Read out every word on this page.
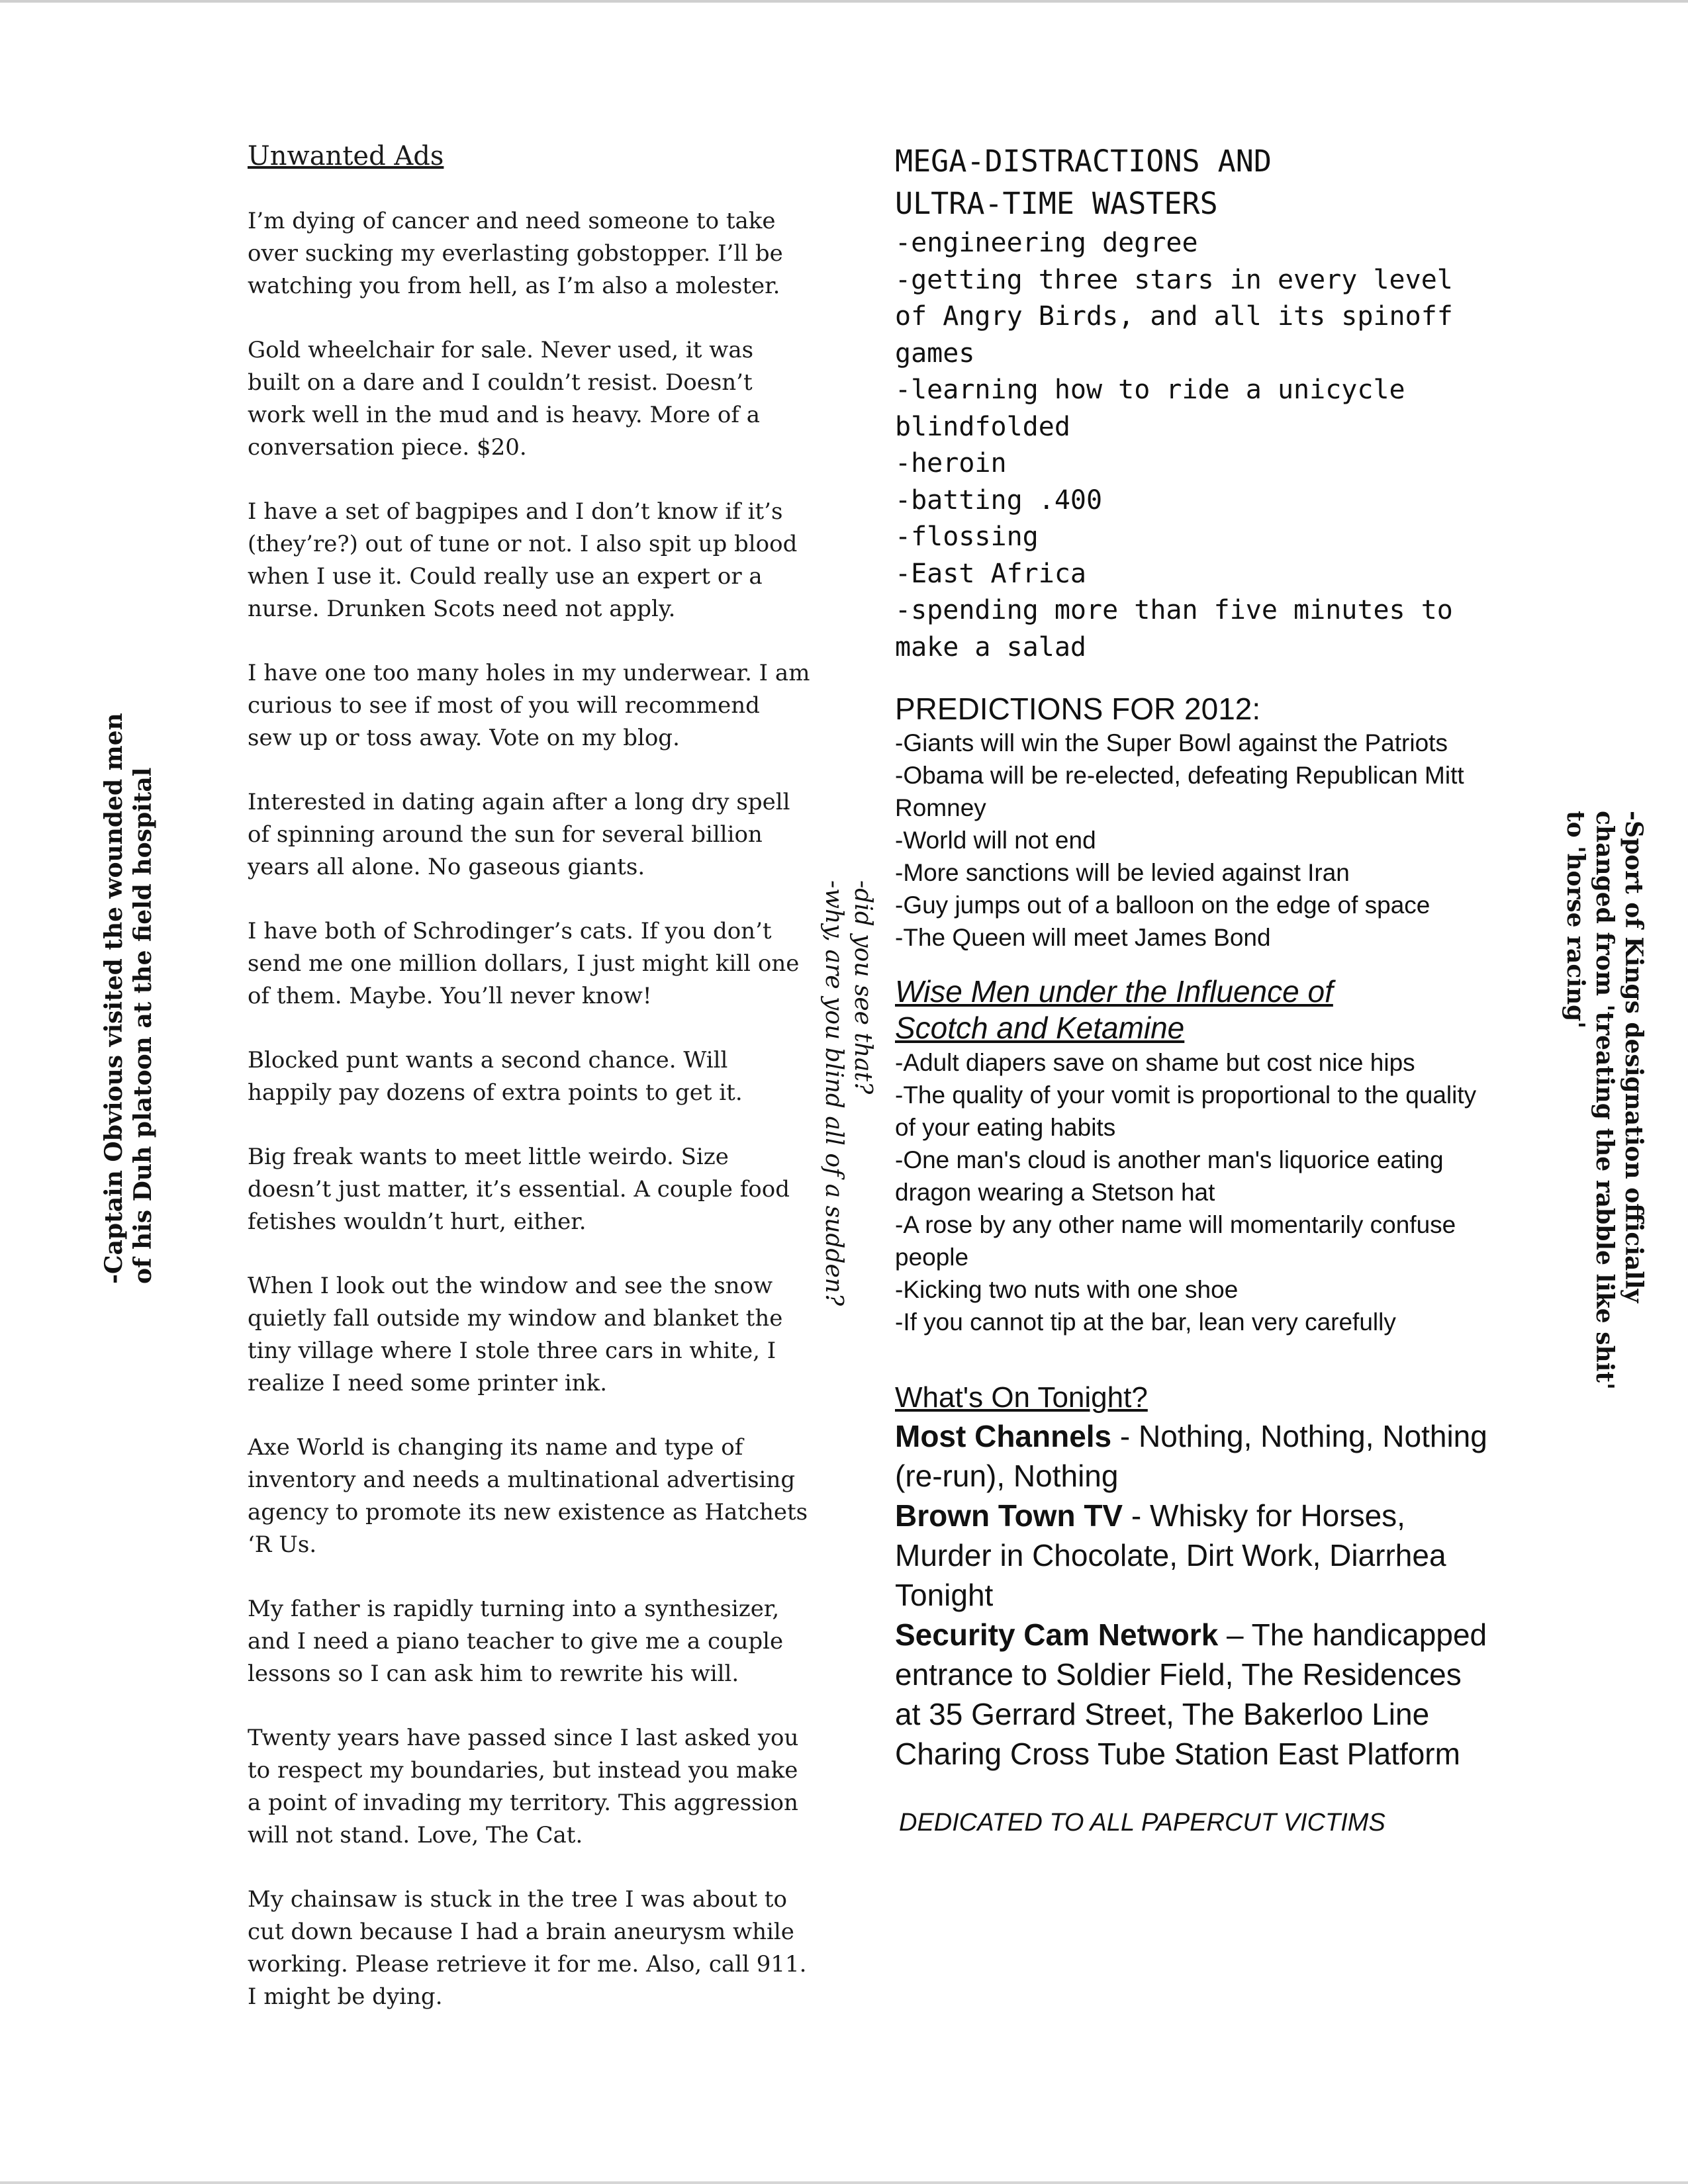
Unwanted Ads
I’m dying of cancer and need someone to take over sucking my everlasting gobstopper. I’ll be watching you from hell, as I’m also a molester.
Gold wheelchair for sale. Never used, it was built on a dare and I couldn’t resist. Doesn’t work well in the mud and is heavy. More of a conversation piece. $20.
I have a set of bagpipes and I don’t know if it’s (they’re?) out of tune or not. I also spit up blood when I use it. Could really use an expert or a nurse. Drunken Scots need not apply.
I have one too many holes in my underwear. I am curious to see if most of you will recommend sew up or toss away. Vote on my blog.
Interested in dating again after a long dry spell of spinning around the sun for several billion years all alone. No gaseous giants.
I have both of Schrodinger’s cats. If you don’t send me one million dollars, I just might kill one of them. Maybe. You’ll never know!
Blocked punt wants a second chance. Will happily pay dozens of extra points to get it.
Big freak wants to meet little weirdo. Size doesn’t just matter, it’s essential. A couple food fetishes wouldn’t hurt, either.
When I look out the window and see the snow quietly fall outside my window and blanket the tiny village where I stole three cars in white, I realize I need some printer ink.
Axe World is changing its name and type of inventory and needs a multinational advertising agency to promote its new existence as Hatchets ‘R Us.
My father is rapidly turning into a synthesizer, and I need a piano teacher to give me a couple lessons so I can ask him to rewrite his will.
Twenty years have passed since I last asked you to respect my boundaries, but instead you make a point of invading my territory. This aggression will not stand. Love, The Cat.
My chainsaw is stuck in the tree I was about to cut down because I had a brain aneurysm while working. Please retrieve it for me. Also, call 911. I might be dying.
MEGA-DISTRACTIONS AND
ULTRA-TIME WASTERS
-engineering degree
-getting three stars in every level of Angry Birds, and all its spinoff games
-learning how to ride a unicycle blindfolded
-heroin
-batting .400
-flossing
-East Africa
-spending more than five minutes to make a salad
PREDICTIONS FOR 2012:
-Giants will win the Super Bowl against the Patriots
-Obama will be re-elected, defeating Republican Mitt Romney
-World will not end
-More sanctions will be levied against Iran
-Guy jumps out of a balloon on the edge of space
-The Queen will meet James Bond
Wise Men under the Influence of
Scotch and Ketamine
-Adult diapers save on shame but cost nice hips
-The quality of your vomit is proportional to the quality of your eating habits
-One man's cloud is another man's liquorice eating dragon wearing a Stetson hat
-A rose by any other name will momentarily confuse people
-Kicking two nuts with one shoe
-If you cannot tip at the bar, lean very carefully
What's On Tonight?
Most Channels - Nothing, Nothing, Nothing (re-run), Nothing
Brown Town TV - Whisky for Horses, Murder in Chocolate, Dirt Work, Diarrhea Tonight
Security Cam Network – The handicapped entrance to Soldier Field, The Residences at 35 Gerrard Street, The Bakerloo Line Charing Cross Tube Station East Platform
DEDICATED TO ALL PAPERCUT VICTIMS
-Captain Obvious visited the wounded men of his Duh platoon at the field hospital	-did you see that?
-why, are you blind all of a sudden?	-Sport of Kings designation officially
changed from 'treating the rabble like shit'
to 'horse racing'
